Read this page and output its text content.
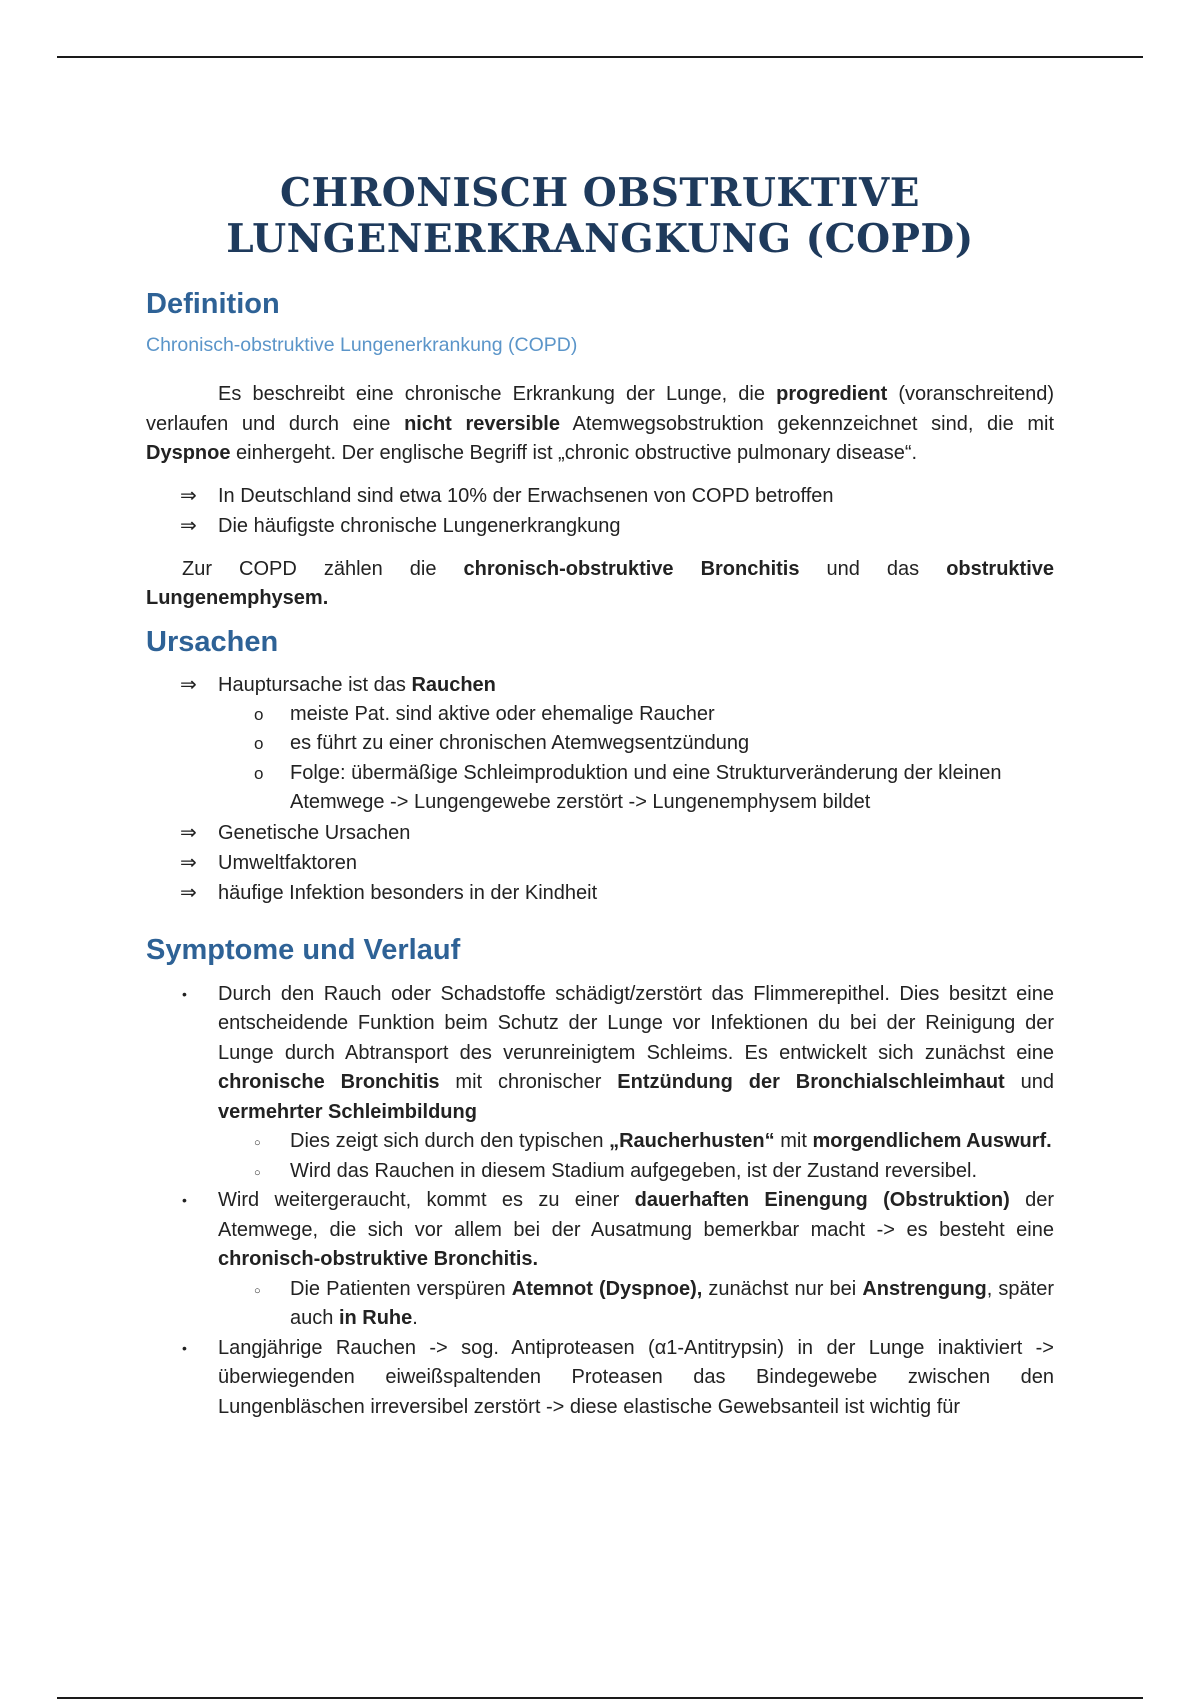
CHRONISCH OBSTRUKTIVE
LUNGENERKRANGKUNG (COPD)
Definition

Chronisch-obstruktive Lungenerkrankung (COPD)

Es beschreibt eine chronische Erkrankung der Lunge, die progredient (voranschreitend) verlaufen und durch eine nicht reversible Atemwegsobstruktion gekennzeichnet sind, die mit Dyspnoe einhergeht. Der englische Begriff ist „chronic obstructive pulmonary disease“.

⇒ In Deutschland sind etwa 10% der Erwachsenen von COPD betroffen
⇒ Die häufigste chronische Lungenerkrangkung

Zur COPD zählen die chronisch-obstruktive Bronchitis und das obstruktive Lungenemphysem.

Ursachen
⇒ Hauptursache ist das Rauchen
o meiste Pat. sind aktive oder ehemalige Raucher
o es führt zu einer chronischen Atemwegsentzündung
o Folge: übermäßige Schleimproduktion und eine Strukturveränderung der kleinen Atemwege -> Lungengewebe zerstört -> Lungenemphysem bildet
⇒ Genetische Ursachen
⇒ Umweltfaktoren
⇒ häufige Infektion besonders in der Kindheit
Symptome und Verlauf
• Durch den Rauch oder Schadstoffe schädigt/zerstört das Flimmerepithel. Dies besitzt eine entscheidende Funktion beim Schutz der Lunge vor Infektionen du bei der Reinigung der Lunge durch Abtransport des verunreinigtem Schleims. Es entwickelt sich zunächst eine chronische Bronchitis mit chronischer Entzündung der Bronchialschleimhaut und vermehrter Schleimbildung
○ Dies zeigt sich durch den typischen „Raucherhusten“ mit morgendlichem Auswurf.
○ Wird das Rauchen in diesem Stadium aufgegeben, ist der Zustand reversibel.
• Wird weitergeraucht, kommt es zu einer dauerhaften Einengung (Obstruktion) der Atemwege, die sich vor allem bei der Ausatmung bemerkbar macht -> es besteht eine chronisch-obstruktive Bronchitis.
○ Die Patienten verspüren Atemnot (Dyspnoe), zunächst nur bei Anstrengung, später auch in Ruhe.
• Langjährige Rauchen -> sog. Antiproteasen (α1-Antitrypsin) in der Lunge inaktiviert -> überwiegenden eiweißspaltenden Proteasen das Bindegewebe zwischen den Lungenbläschen irreversibel zerstört -> diese elastische Gewebsanteil ist wichtig für
